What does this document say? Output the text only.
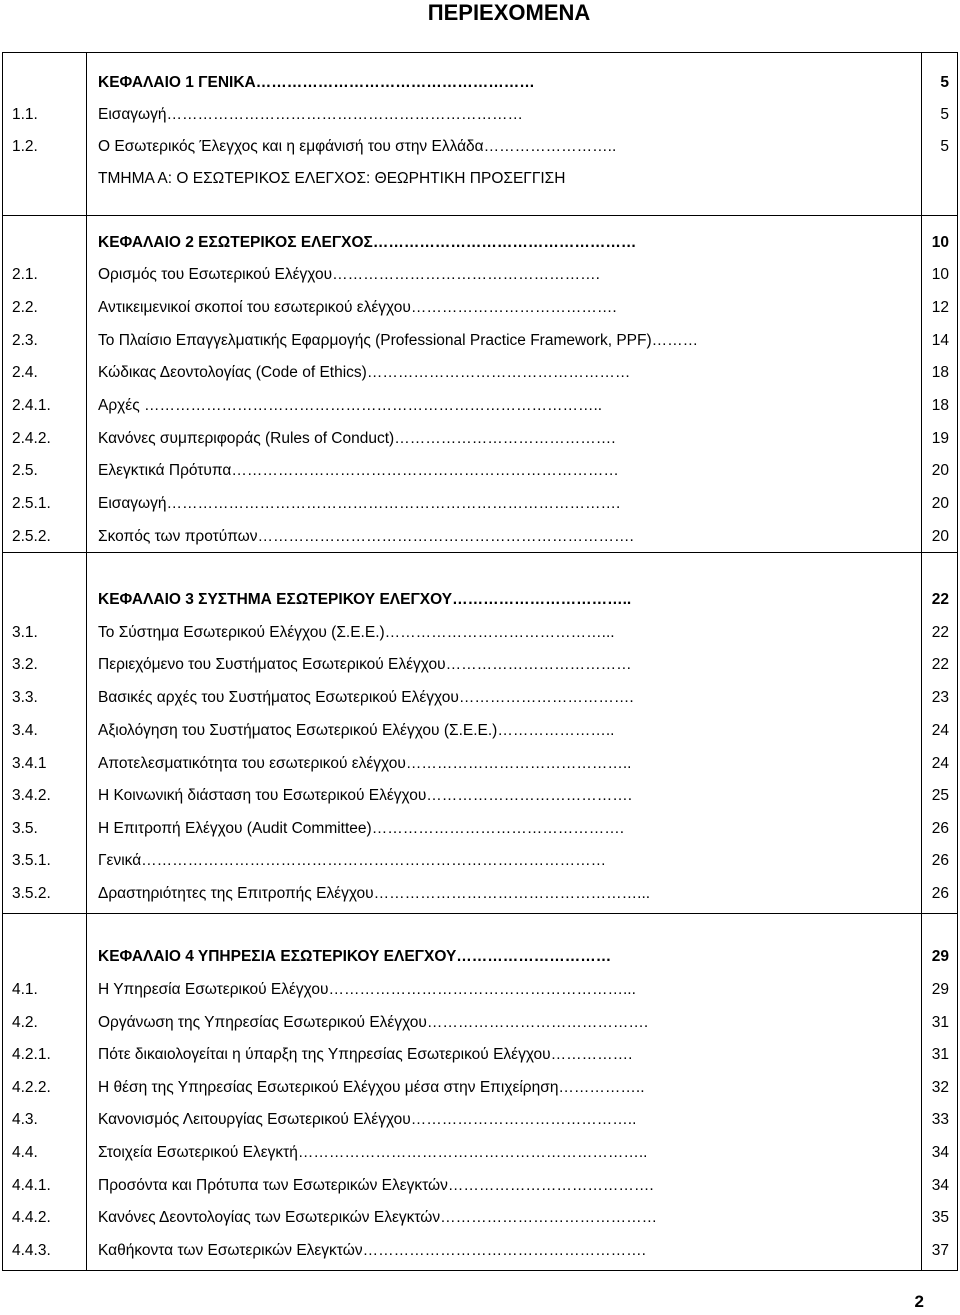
ΠΕΡΙΕΧΟΜΕΝΑ
ΚΕΦΑΛΑΙΟ 1 ΓΕΝΙΚΑ………………………………………………	5
1.1.	Εισαγωγή……………………………………………………………	5
1.2.	Ο Εσωτερικός Έλεγχος και η εμφάνισή του στην Ελλάδα……………………..	5
ΤΜΗΜΑ Α: Ο ΕΣΩΤΕΡΙΚΟΣ ΕΛΕΓΧΟΣ: ΘΕΩΡΗΤΙΚΗ ΠΡΟΣΕΓΓΙΣΗ
ΚΕΦΑΛΑΙΟ 2 ΕΣΩΤΕΡΙΚΟΣ ΕΛΕΓΧΟΣ……………………………………………	10
2.1.	Ορισμός του Εσωτερικού Ελέγχου…………………………………………….	10
2.2.	Αντικειμενικοί σκοποί του εσωτερικού ελέγχου………………………………….	12
2.3.	Το Πλαίσιο Επαγγελματικής Εφαρμογής (Professional Practice Framework, PPF)………	14
2.4.	Κώδικας Δεοντολογίας (Code of Ethics)……………………………………………	18
2.4.1.	Αρχές ……………………………………………………………………………..	18
2.4.2.	Κανόνες συμπεριφοράς (Rules of Conduct)…………………………………….	19
2.5.	Ελεγκτικά Πρότυπα…………………………………………………………………	20
2.5.1.	Εισαγωγή…………………………………………………………………………….	20
2.5.2.	Σκοπός των προτύπων……………………………………………………………….	20
ΚΕΦΑΛΑΙΟ 3 ΣΥΣΤΗΜΑ ΕΣΩΤΕΡΙΚΟΥ ΕΛΕΓΧΟΥ……………………………..	22
3.1.	Το Σύστημα Εσωτερικού Ελέγχου (Σ.Ε.Ε.)……………………………………...	22
3.2.	Περιεχόμενο του Συστήματος Εσωτερικού Ελέγχου………………………………	22
3.3.	Βασικές αρχές του Συστήματος Εσωτερικού Ελέγχου…………………………….	23
3.4.	Αξιολόγηση του Συστήματος Εσωτερικού Ελέγχου (Σ.Ε.Ε.)…………………..	24
3.4.1	Αποτελεσματικότητα του εσωτερικού ελέγχου……………………………………..	24
3.4.2.	Η Κοινωνική διάσταση του Εσωτερικού Ελέγχου………………………………….	25
3.5.	Η Επιτροπή Ελέγχου (Audit Committee)………………………………………….	26
3.5.1.	Γενικά………………………………………………………………………………	26
3.5.2.	Δραστηριότητες της Επιτροπής Ελέγχου……………………………………………...	26
ΚΕΦΑΛΑΙΟ 4 ΥΠΗΡΕΣΙΑ ΕΣΩΤΕΡΙΚΟΥ ΕΛΕΓΧΟΥ…………………………	29
4.1.	Η Υπηρεσία Εσωτερικού Ελέγχου…………………………………………………...	29
4.2.	Οργάνωση της Υπηρεσίας Εσωτερικού Ελέγχου…………………………………….	31
4.2.1.	Πότε δικαιολογείται η ύπαρξη της Υπηρεσίας Εσωτερικού Ελέγχου…………….	31
4.2.2.	Η θέση της Υπηρεσίας Εσωτερικού Ελέγχου μέσα στην Επιχείρηση……………..	32
4.3.	Κανονισμός Λειτουργίας Εσωτερικού Ελέγχου……………………………………..	33
4.4.	Στοιχεία Εσωτερικού Ελεγκτή…………………………………………………………..	34
4.4.1.	Προσόντα και Πρότυπα των Εσωτερικών Ελεγκτών………………………………….	34
4.4.2.	Κανόνες Δεοντολογίας των Εσωτερικών Ελεγκτών……………………………………	35
4.4.3.	Καθήκοντα των Εσωτερικών Ελεγκτών……………………………………………….	37
2
